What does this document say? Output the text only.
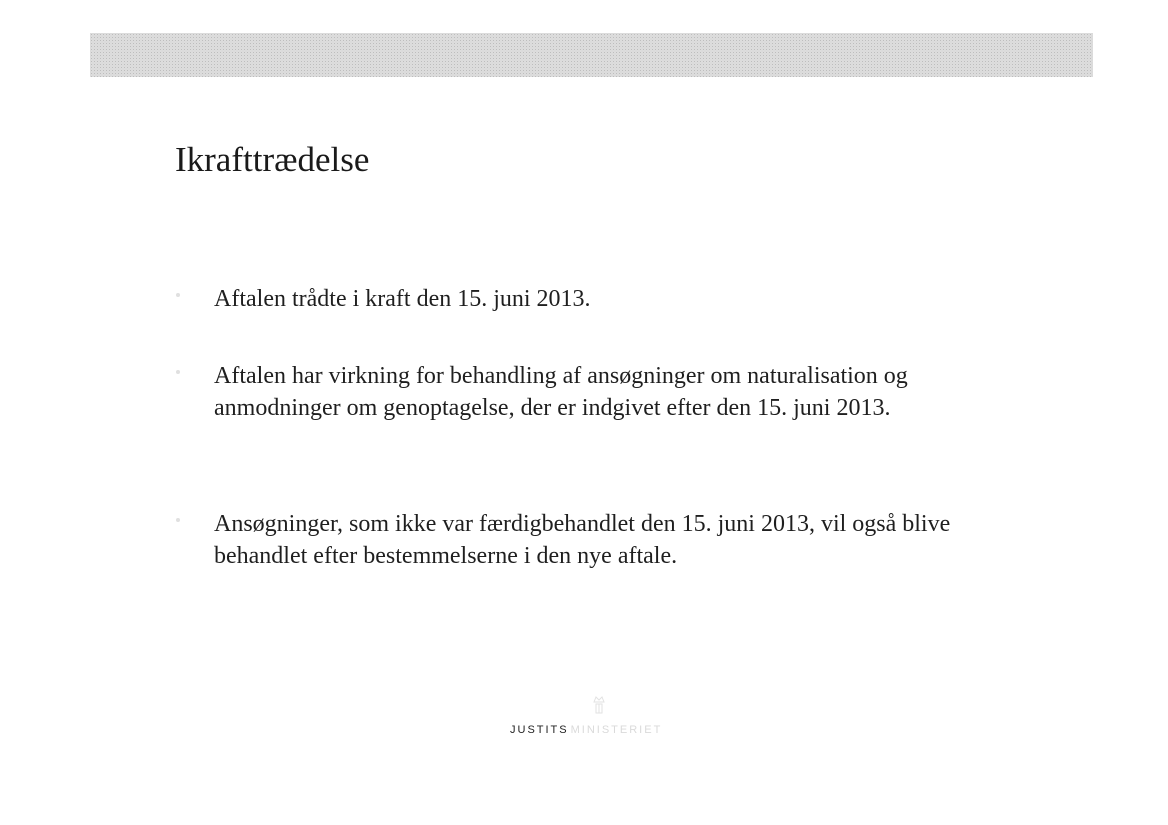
Ikrafttrædelse
Aftalen trådte i kraft den 15. juni 2013.
Aftalen har virkning for behandling af ansøgninger om naturalisation og anmodninger om genoptagelse, der er indgivet efter den 15. juni 2013.
Ansøgninger, som ikke var færdigbehandlet den 15. juni 2013, vil også blive behandlet efter bestemmelserne i den nye aftale.
JUSTITS MINISTERIET
